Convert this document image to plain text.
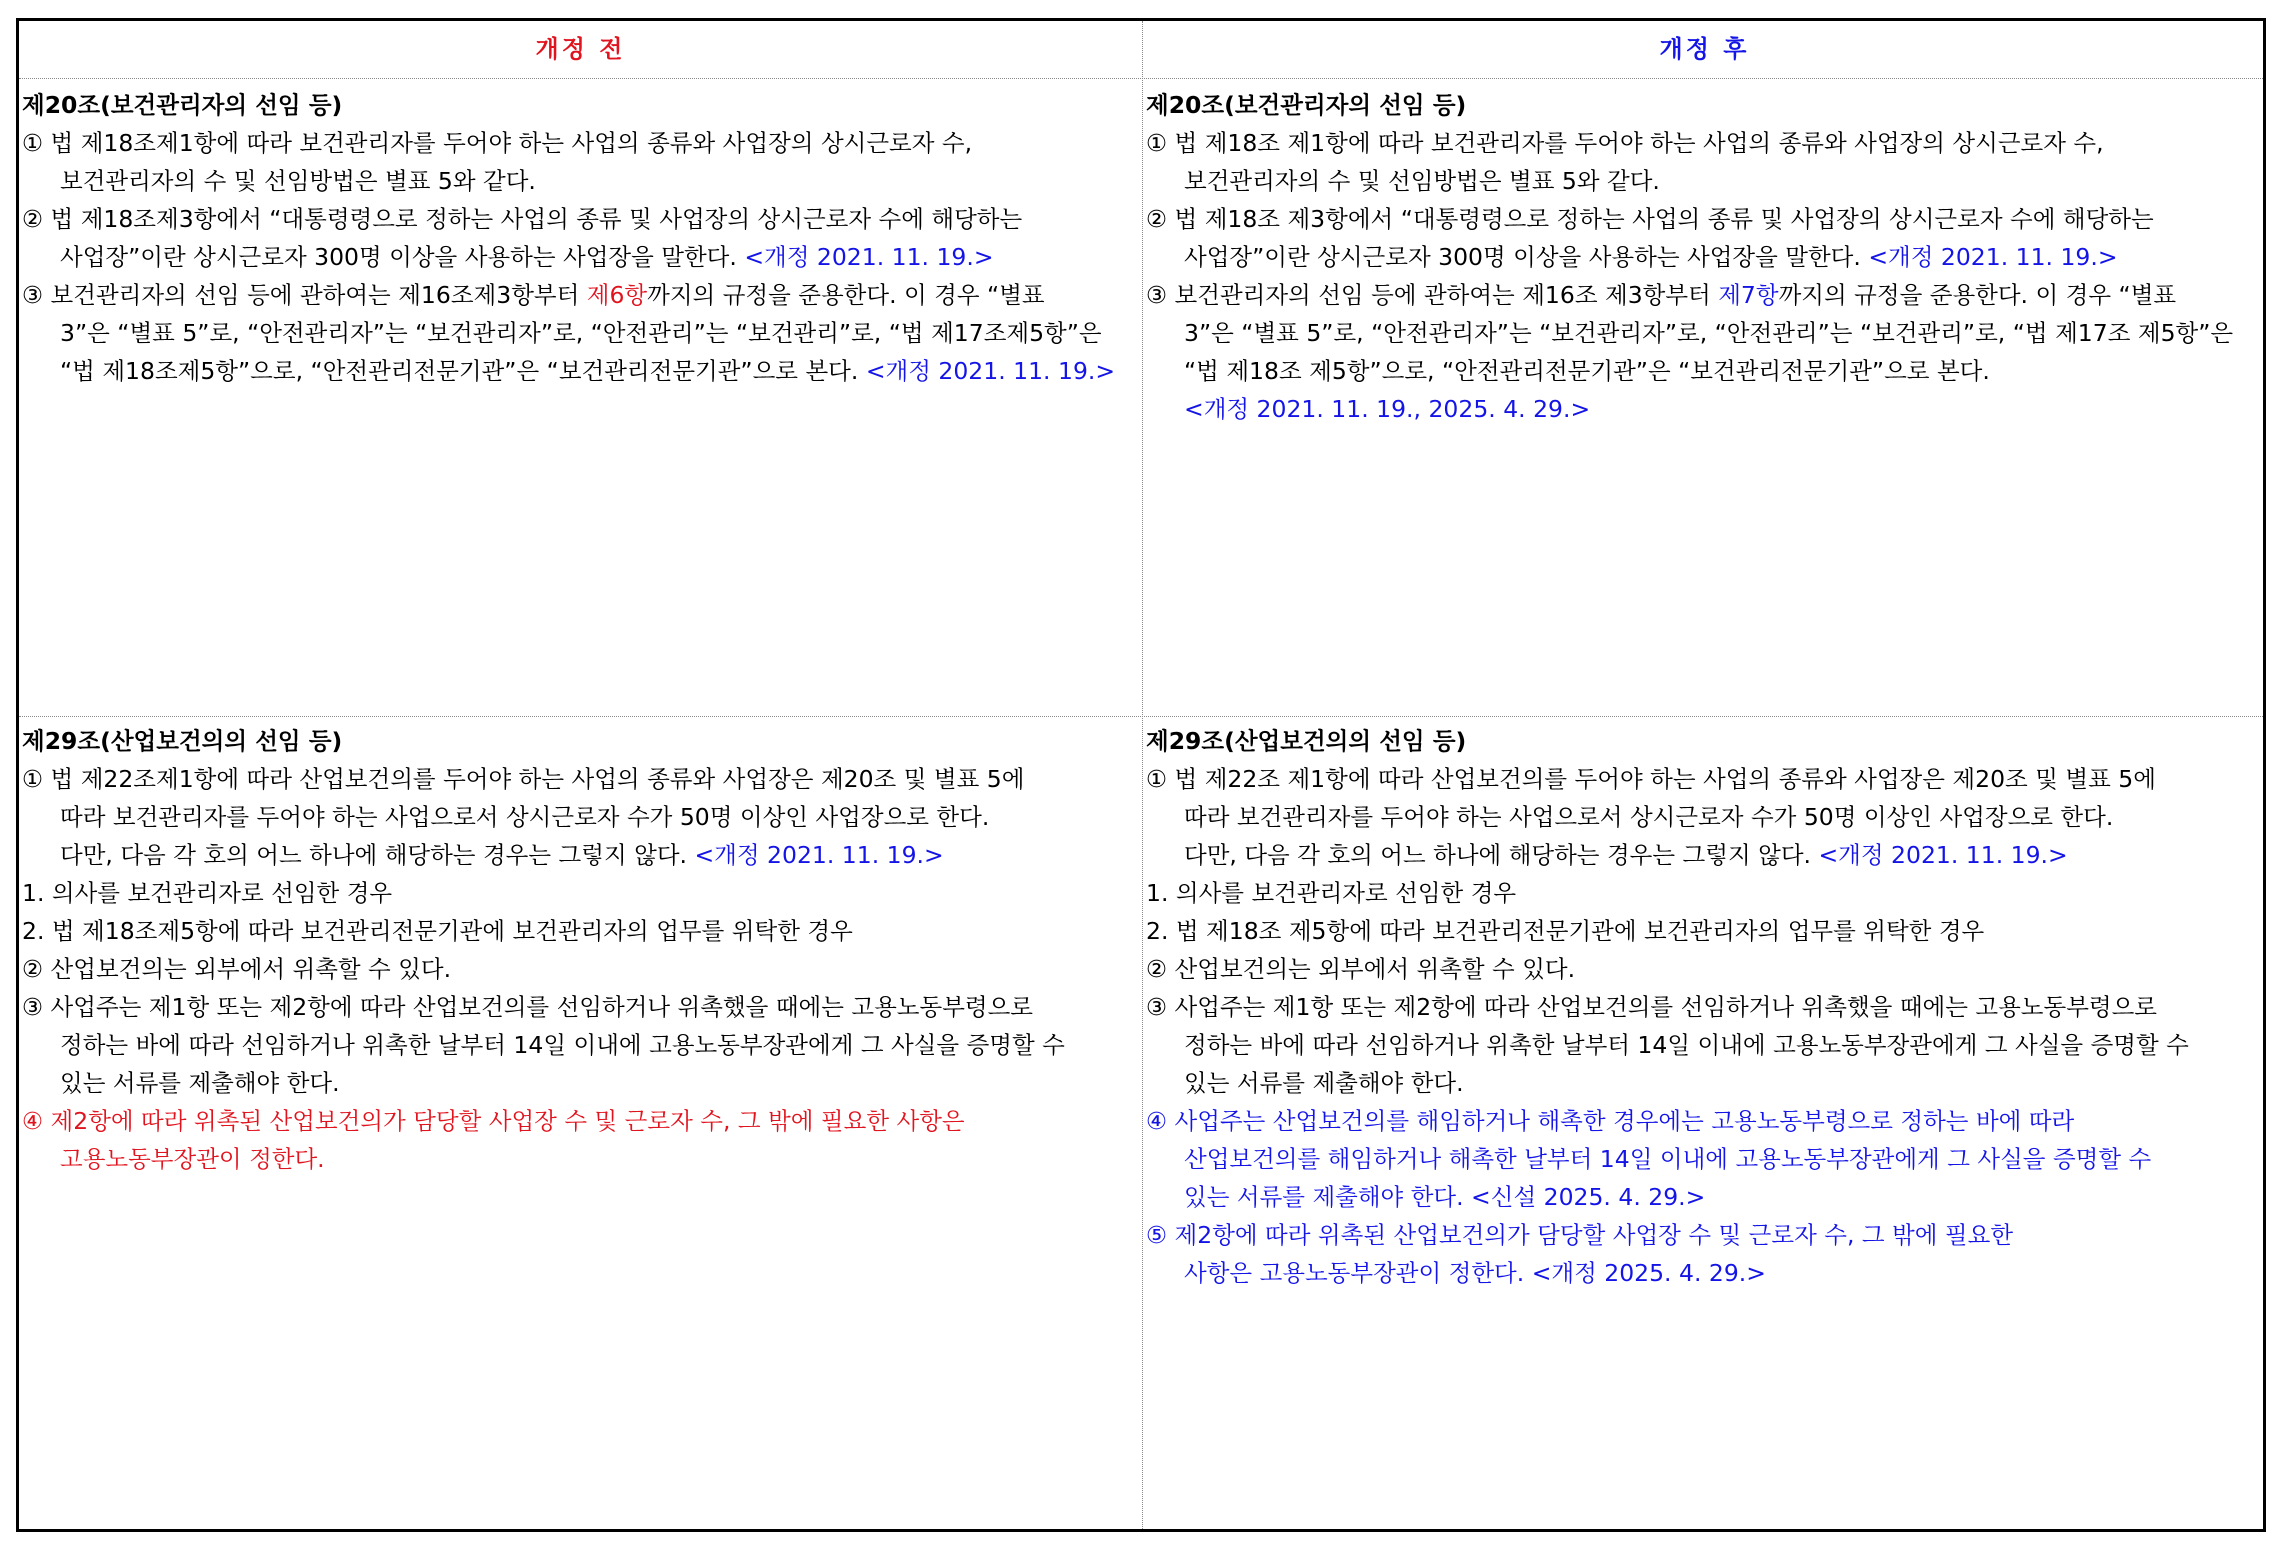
개정 전	개정 후
제20조(보건관리자의 선임 등)
① 법 제18조제1항에 따라 보건관리자를 두어야 하는 사업의 종류와 사업장의 상시근로자 수,
보건관리자의 수 및 선임방법은 별표 5와 같다.
② 법 제18조제3항에서 “대통령령으로 정하는 사업의 종류 및 사업장의 상시근로자 수에 해당하는
사업장”이란 상시근로자 300명 이상을 사용하는 사업장을 말한다. <개정 2021. 11. 19.>
③ 보건관리자의 선임 등에 관하여는 제16조제3항부터 제6항까지의 규정을 준용한다. 이 경우 “별표
3”은 “별표 5”로, “안전관리자”는 “보건관리자”로, “안전관리”는 “보건관리”로, “법 제17조제5항”은
“법 제18조제5항”으로, “안전관리전문기관”은 “보건관리전문기관”으로 본다. <개정 2021. 11. 19.>
제20조(보건관리자의 선임 등)
① 법 제18조 제1항에 따라 보건관리자를 두어야 하는 사업의 종류와 사업장의 상시근로자 수,
보건관리자의 수 및 선임방법은 별표 5와 같다.
② 법 제18조 제3항에서 “대통령령으로 정하는 사업의 종류 및 사업장의 상시근로자 수에 해당하는
사업장”이란 상시근로자 300명 이상을 사용하는 사업장을 말한다. <개정 2021. 11. 19.>
③ 보건관리자의 선임 등에 관하여는 제16조 제3항부터 제7항까지의 규정을 준용한다. 이 경우 “별표
3”은 “별표 5”로, “안전관리자”는 “보건관리자”로, “안전관리”는 “보건관리”로, “법 제17조 제5항”은
“법 제18조 제5항”으로, “안전관리전문기관”은 “보건관리전문기관”으로 본다.
<개정 2021. 11. 19., 2025. 4. 29.>
제29조(산업보건의의 선임 등)
① 법 제22조제1항에 따라 산업보건의를 두어야 하는 사업의 종류와 사업장은 제20조 및 별표 5에
따라 보건관리자를 두어야 하는 사업으로서 상시근로자 수가 50명 이상인 사업장으로 한다.
다만, 다음 각 호의 어느 하나에 해당하는 경우는 그렇지 않다. <개정 2021. 11. 19.>
1. 의사를 보건관리자로 선임한 경우
2. 법 제18조제5항에 따라 보건관리전문기관에 보건관리자의 업무를 위탁한 경우
② 산업보건의는 외부에서 위촉할 수 있다.
③ 사업주는 제1항 또는 제2항에 따라 산업보건의를 선임하거나 위촉했을 때에는 고용노동부령으로
정하는 바에 따라 선임하거나 위촉한 날부터 14일 이내에 고용노동부장관에게 그 사실을 증명할 수
있는 서류를 제출해야 한다.
④ 제2항에 따라 위촉된 산업보건의가 담당할 사업장 수 및 근로자 수, 그 밖에 필요한 사항은
고용노동부장관이 정한다.
제29조(산업보건의의 선임 등)
① 법 제22조 제1항에 따라 산업보건의를 두어야 하는 사업의 종류와 사업장은 제20조 및 별표 5에
따라 보건관리자를 두어야 하는 사업으로서 상시근로자 수가 50명 이상인 사업장으로 한다.
다만, 다음 각 호의 어느 하나에 해당하는 경우는 그렇지 않다. <개정 2021. 11. 19.>
1. 의사를 보건관리자로 선임한 경우
2. 법 제18조 제5항에 따라 보건관리전문기관에 보건관리자의 업무를 위탁한 경우
② 산업보건의는 외부에서 위촉할 수 있다.
③ 사업주는 제1항 또는 제2항에 따라 산업보건의를 선임하거나 위촉했을 때에는 고용노동부령으로
정하는 바에 따라 선임하거나 위촉한 날부터 14일 이내에 고용노동부장관에게 그 사실을 증명할 수
있는 서류를 제출해야 한다.
④ 사업주는 산업보건의를 해임하거나 해촉한 경우에는 고용노동부령으로 정하는 바에 따라
산업보건의를 해임하거나 해촉한 날부터 14일 이내에 고용노동부장관에게 그 사실을 증명할 수
있는 서류를 제출해야 한다. <신설 2025. 4. 29.>
⑤ 제2항에 따라 위촉된 산업보건의가 담당할 사업장 수 및 근로자 수, 그 밖에 필요한
사항은 고용노동부장관이 정한다. <개정 2025. 4. 29.>
